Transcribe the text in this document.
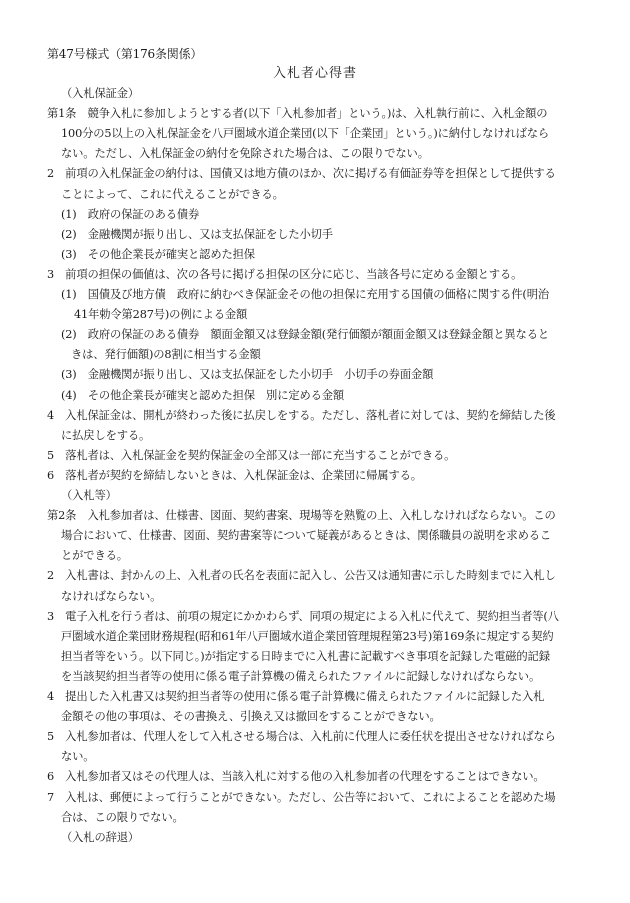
第47号様式（第176条関係）
入札者心得書
（入札保証金）
第1条　競争入札に参加しようとする者(以下「入札参加者」という。)は、入札執行前に、入札金額の
100分の5以上の入札保証金を八戸圏域水道企業団(以下「企業団」という。)に納付しなければなら
ない。ただし、入札保証金の納付を免除された場合は、この限りでない。
2　前項の入札保証金の納付は、国債又は地方債のほか、次に掲げる有価証券等を担保として提供する
ことによって、これに代えることができる。
(1)　政府の保証のある債券
(2)　金融機関が振り出し、又は支払保証をした小切手
(3)　その他企業長が確実と認めた担保
3　前項の担保の価値は、次の各号に掲げる担保の区分に応じ、当該各号に定める金額とする。
(1)　国債及び地方債　政府に納むべき保証金その他の担保に充用する国債の価格に関する件(明治
41年勅令第287号)の例による金額
(2)　政府の保証のある債券　額面金額又は登録金額(発行価額が額面金額又は登録金額と異なると
きは、発行価額)の8割に相当する金額
(3)　金融機関が振り出し、又は支払保証をした小切手　小切手の券面金額
(4)　その他企業長が確実と認めた担保　別に定める金額
4　入札保証金は、開札が終わった後に払戻しをする。ただし、落札者に対しては、契約を締結した後
に払戻しをする。
5　落札者は、入札保証金を契約保証金の全部又は一部に充当することができる。
6　落札者が契約を締結しないときは、入札保証金は、企業団に帰属する。
（入札等）
第2条　入札参加者は、仕様書、図面、契約書案、現場等を熟覧の上、入札しなければならない。この
場合において、仕様書、図面、契約書案等について疑義があるときは、関係職員の説明を求めるこ
とができる。
2　入札書は、封かんの上、入札者の氏名を表面に記入し、公告又は通知書に示した時刻までに入札し
なければならない。
3　電子入札を行う者は、前項の規定にかかわらず、同項の規定による入札に代えて、契約担当者等(八
戸圏域水道企業団財務規程(昭和61年八戸圏域水道企業団管理規程第23号)第169条に規定する契約
担当者等をいう。以下同じ。)が指定する日時までに入札書に記載すべき事項を記録した電磁的記録
を当該契約担当者等の使用に係る電子計算機の備えられたファイルに記録しなければならない。
4　提出した入札書又は契約担当者等の使用に係る電子計算機に備えられたファイルに記録した入札
金額その他の事項は、その書換え、引換え又は撤回をすることができない。
5　入札参加者は、代理人をして入札させる場合は、入札前に代理人に委任状を提出させなければなら
ない。
6　入札参加者又はその代理人は、当該入札に対する他の入札参加者の代理をすることはできない。
7　入札は、郵便によって行うことができない。ただし、公告等において、これによることを認めた場
合は、この限りでない。
（入札の辞退）
